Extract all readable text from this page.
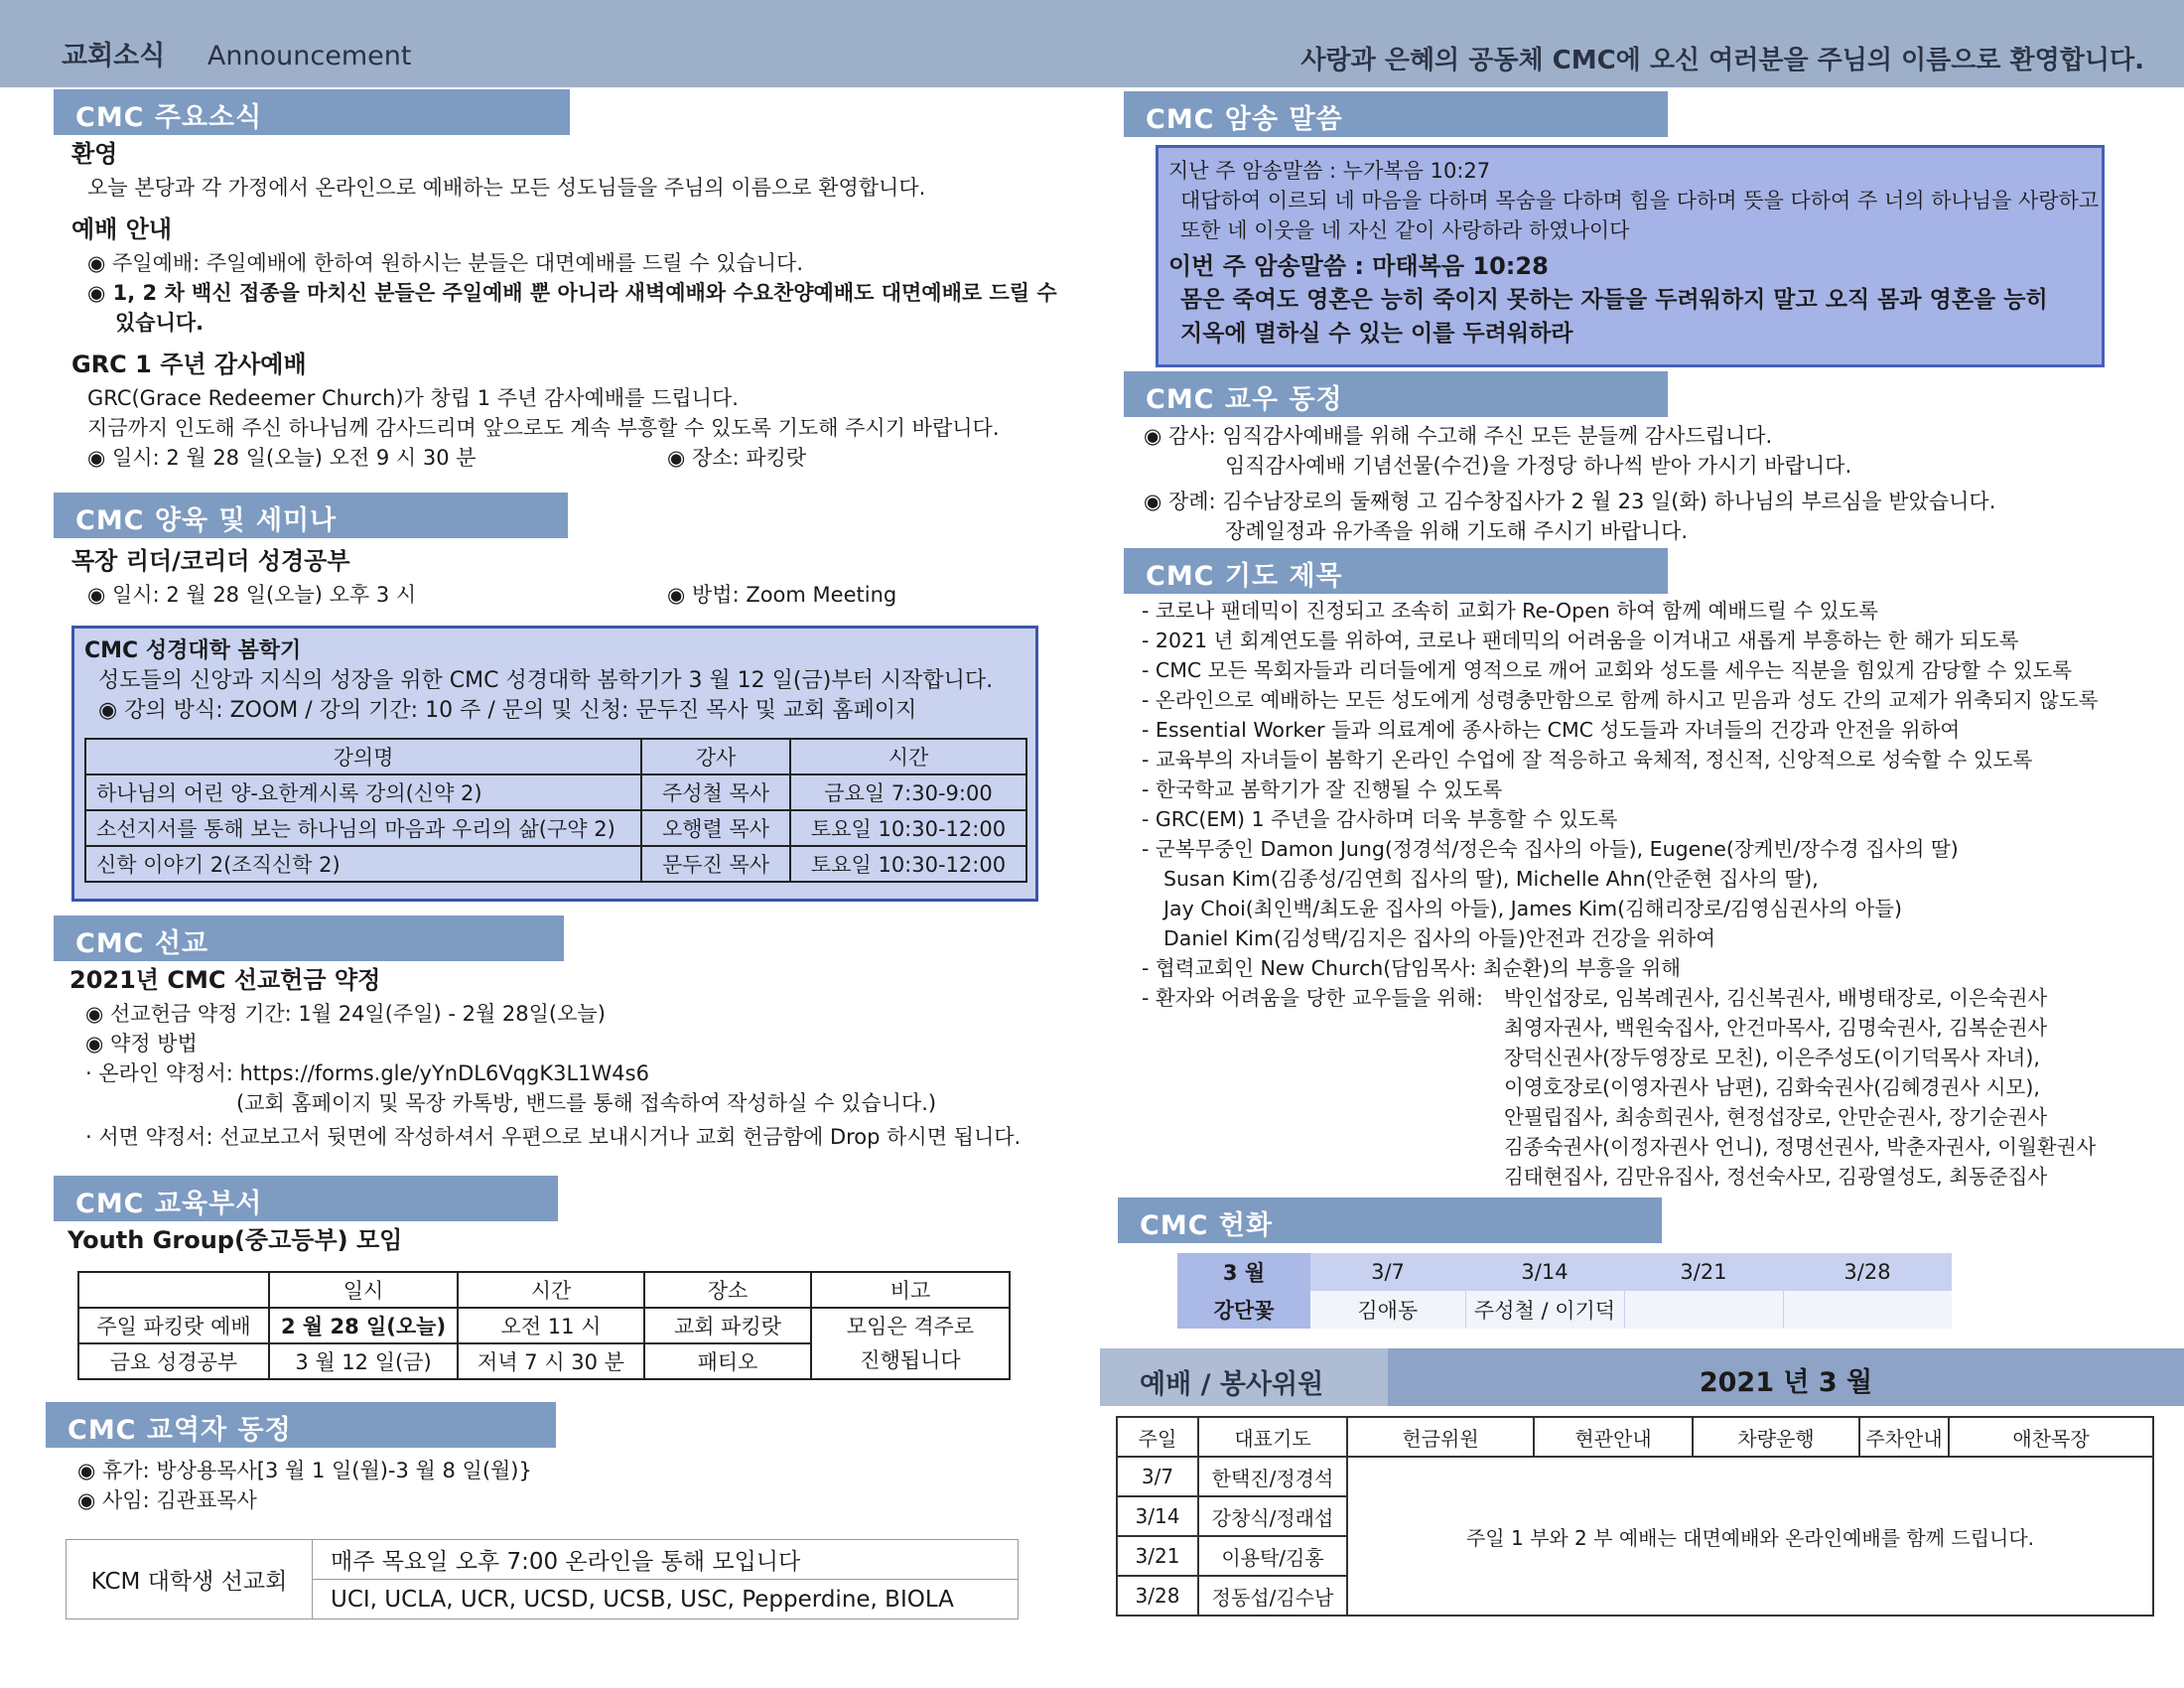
교회소식 Announcement	사랑과 은혜의 공동체 CMC에 오신 여러분을 주님의 이름으로 환영합니다.
CMC 주요소식
환영

오늘 본당과 각 가정에서 온라인으로 예배하는 모든 성도님들을 주님의 이름으로 환영합니다.

예배 안내

◉ 주일예배: 주일예배에 한하여 원하시는 분들은 대면예배를 드릴 수 있습니다.

◉ 1, 2 차 백신 접종을 마치신 분들은 주일예배 뿐 아니라 새벽예배와 수요찬양예배도 대면예배로 드릴 수

있습니다.

GRC 1 주년 감사예배

GRC(Grace Redeemer Church)가 창립 1 주년 감사예배를 드립니다.

지금까지 인도해 주신 하나님께 감사드리며 앞으로도 계속 부흥할 수 있도록 기도해 주시기 바랍니다.

◉ 일시: 2 월 28 일(오늘) 오전 9 시 30 분	◉ 장소: 파킹랏

CMC 양육 및 세미나
목장 리더/코리더 성경공부

◉ 일시: 2 월 28 일(오늘) 오후 3 시	◉ 방법: Zoom Meeting

CMC 성경대학 봄학기

성도들의 신앙과 지식의 성장을 위한 CMC 성경대학 봄학기가 3 월 12 일(금)부터 시작합니다.

◉ 강의 방식: ZOOM / 강의 기간: 10 주 / 문의 및 신청: 문두진 목사 및 교회 홈페이지

강의명	강사	시간
하나님의 어린 양-요한계시록 강의(신약 2)	주성철 목사	금요일 7:30-9:00
소선지서를 통해 보는 하나님의 마음과 우리의 삶(구약 2)	오행렬 목사	토요일 10:30-12:00
신학 이야기 2(조직신학 2)	문두진 목사	토요일 10:30-12:00
CMC 선교
2021년 CMC 선교헌금 약정

◉ 선교헌금 약정 기간: 1월 24일(주일) - 2월 28일(오늘)

◉ 약정 방법

· 온라인 약정서: https://forms.gle/yYnDL6VqgK3L1W4s6

(교회 홈페이지 및 목장 카톡방, 밴드를 통해 접속하여 작성하실 수 있습니다.)

· 서면 약정서: 선교보고서 뒷면에 작성하셔서 우편으로 보내시거나 교회 헌금함에 Drop 하시면 됩니다.

CMC 교육부서
Youth Group(중고등부) 모임
	일시	시간	장소	비고
주일 파킹랏 예배	2 월 28 일(오늘)	오전 11 시	교회 파킹랏	모임은 격주로
진행됩니다

금요 성경공부	3 월 12 일(금)	저녁 7 시 30 분	패티오	
CMC 교역자 동정

◉ 휴가: 방상용목사[3 월 1 일(월)-3 월 8 일(월)}

◉ 사임: 김관표목사

KCM 대학생 선교회	매주 목요일 오후 7:00 온라인을 통해 모입니다
UCI, UCLA, UCR, UCSD, UCSB, USC, Pepperdine, BIOLA
CMC 암송 말씀

지난 주 암송말씀 : 누가복음 10:27

대답하여 이르되 네 마음을 다하며 목숨을 다하며 힘을 다하며 뜻을 다하여 주 너의 하나님을 사랑하고

또한 네 이웃을 네 자신 같이 사랑하라 하였나이다

이번 주 암송말씀 : 마태복음 10:28

몸은 죽여도 영혼은 능히 죽이지 못하는 자들을 두려워하지 말고 오직 몸과 영혼을 능히

지옥에 멸하실 수 있는 이를 두려워하라

CMC 교우 동정

◉ 감사: 임직감사예배를 위해 수고해 주신 모든 분들께 감사드립니다.

임직감사예배 기념선물(수건)을 가정당 하나씩 받아 가시기 바랍니다.

◉ 장례: 김수남장로의 둘째형 고 김수창집사가 2 월 23 일(화) 하나님의 부르심을 받았습니다.

장례일정과 유가족을 위해 기도해 주시기 바랍니다.

CMC 기도 제목

- 코로나 팬데믹이 진정되고 조속히 교회가 Re-Open 하여 함께 예배드릴 수 있도록

- 2021 년 회계연도를 위하여, 코로나 팬데믹의 어려움을 이겨내고 새롭게 부흥하는 한 해가 되도록

- CMC 모든 목회자들과 리더들에게 영적으로 깨어 교회와 성도를 세우는 직분을 힘있게 감당할 수 있도록

- 온라인으로 예배하는 모든 성도에게 성령충만함으로 함께 하시고 믿음과 성도 간의 교제가 위축되지 않도록

- Essential Worker 들과 의료계에 종사하는 CMC 성도들과 자녀들의 건강과 안전을 위하여

- 교육부의 자녀들이 봄학기 온라인 수업에 잘 적응하고 육체적, 정신적, 신앙적으로 성숙할 수 있도록

- 한국학교 봄학기가 잘 진행될 수 있도록

- GRC(EM) 1 주년을 감사하며 더욱 부흥할 수 있도록

- 군복무중인 Damon Jung(정경석/정은숙 집사의 아들), Eugene(장케빈/장수경 집사의 딸)

Susan Kim(김종성/김연희 집사의 딸), Michelle Ahn(안준현 집사의 딸),

Jay Choi(최인백/최도윤 집사의 아들), James Kim(김해리장로/김영심권사의 아들)

Daniel Kim(김성택/김지은 집사의 아들)안전과 건강을 위하여

- 협력교회인 New Church(담임목사: 최순환)의 부흥을 위해

- 환자와 어려움을 당한 교우들을 위해: 박인섭장로, 임복례권사, 김신복권사, 배병태장로, 이은숙권사

최영자권사, 백원숙집사, 안건마목사, 김명숙권사, 김복순권사

장덕신권사(장두영장로 모친), 이은주성도(이기덕목사 자녀),

이영호장로(이영자권사 남편), 김화숙권사(김혜경권사 시모),

안필립집사, 최송희권사, 현정섭장로, 안만순권사, 장기순권사

김종숙권사(이정자권사 언니), 정명선권사, 박춘자권사, 이월환권사

김태현집사, 김만유집사, 정선숙사모, 김광열성도, 최동준집사

CMC 헌화
3 월	3/7	3/14	3/21	3/28
강단꽃	김애동	주성철 / 이기덕		
예배 / 봉사위원	2021 년 3 월
주일	대표기도	헌금위원	현관안내	차량운행	주차안내	애찬목장
3/7	한택진/정경석	주일 1 부와 2 부 예배는 대면예배와 온라인예배를 함께 드립니다.				
3/14	강창식/정래섭					
3/21	이용탁/김홍					
3/28	정동섭/김수남					
